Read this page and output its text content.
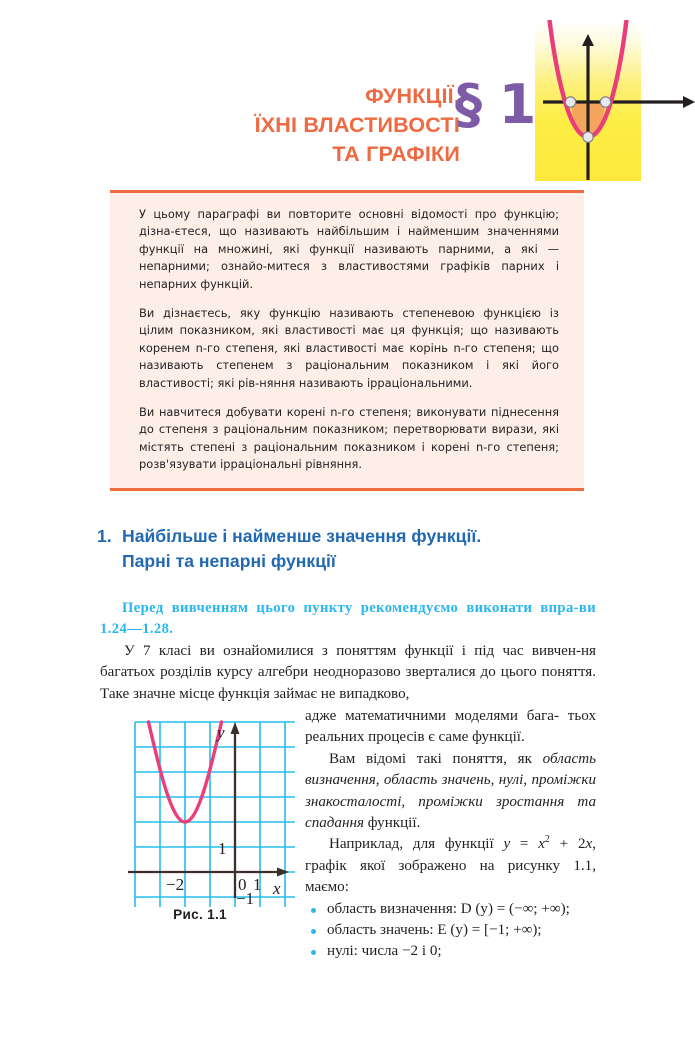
ФУНКЦІЇ,
ЇХНІ ВЛАСТИВОСТІ
ТА ГРАФІКИ
§ 1

У цьому параграфі ви повторите основні відомості про функцію; дізна-єтеся, що називають найбільшим і найменшим значеннями функції на множині, які функції називають парними, а які — непарними; ознайо-митеся з властивостями графіків парних і непарних функцій.

Ви дізнаєтесь, яку функцію називають степеневою функцією із цілим показником, які властивості має ця функція; що називають коренем n-го степеня, які властивості має корінь n-го степеня; що називають степенем з раціональним показником і які його властивості; які рів-няння називають ірраціональними.

Ви навчитеся добувати корені n-го степеня; виконувати піднесення до степеня з раціональним показником; перетворювати вирази, які містять степені з раціональним показником і корені n-го степеня; розв'язувати ірраціональні рівняння.

1. Найбільше і найменше значення функції.
Парні та непарні функції
Перед вивченням цього пункту рекомендуємо виконати впра-ви 1.24—1.28.
У 7 класі ви ознайомилися з поняттям функції і під час вивчен-ня багатьох розділів курсу алгебри неодноразово зверталися до цього поняття. Таке значне місце функція займає не випадково,

адже математичними моделями бага- тьох реальних процесів є саме функції.

Вам відомі такі поняття, як область визначення, область значень, нулі, проміжки знакосталості, проміжки зростання та спадання функції.

Наприклад, для функції $y = x^2 + 2x$, графік якої зображено на рисунку 1.1, маємо:

область визначення: D (y) = (−∞; +∞);
область значень: E (y) = [−1; +∞);
нулі: числа −2 і 0;
−2	0 1
−1
1
x
y
Рис. 1.1
